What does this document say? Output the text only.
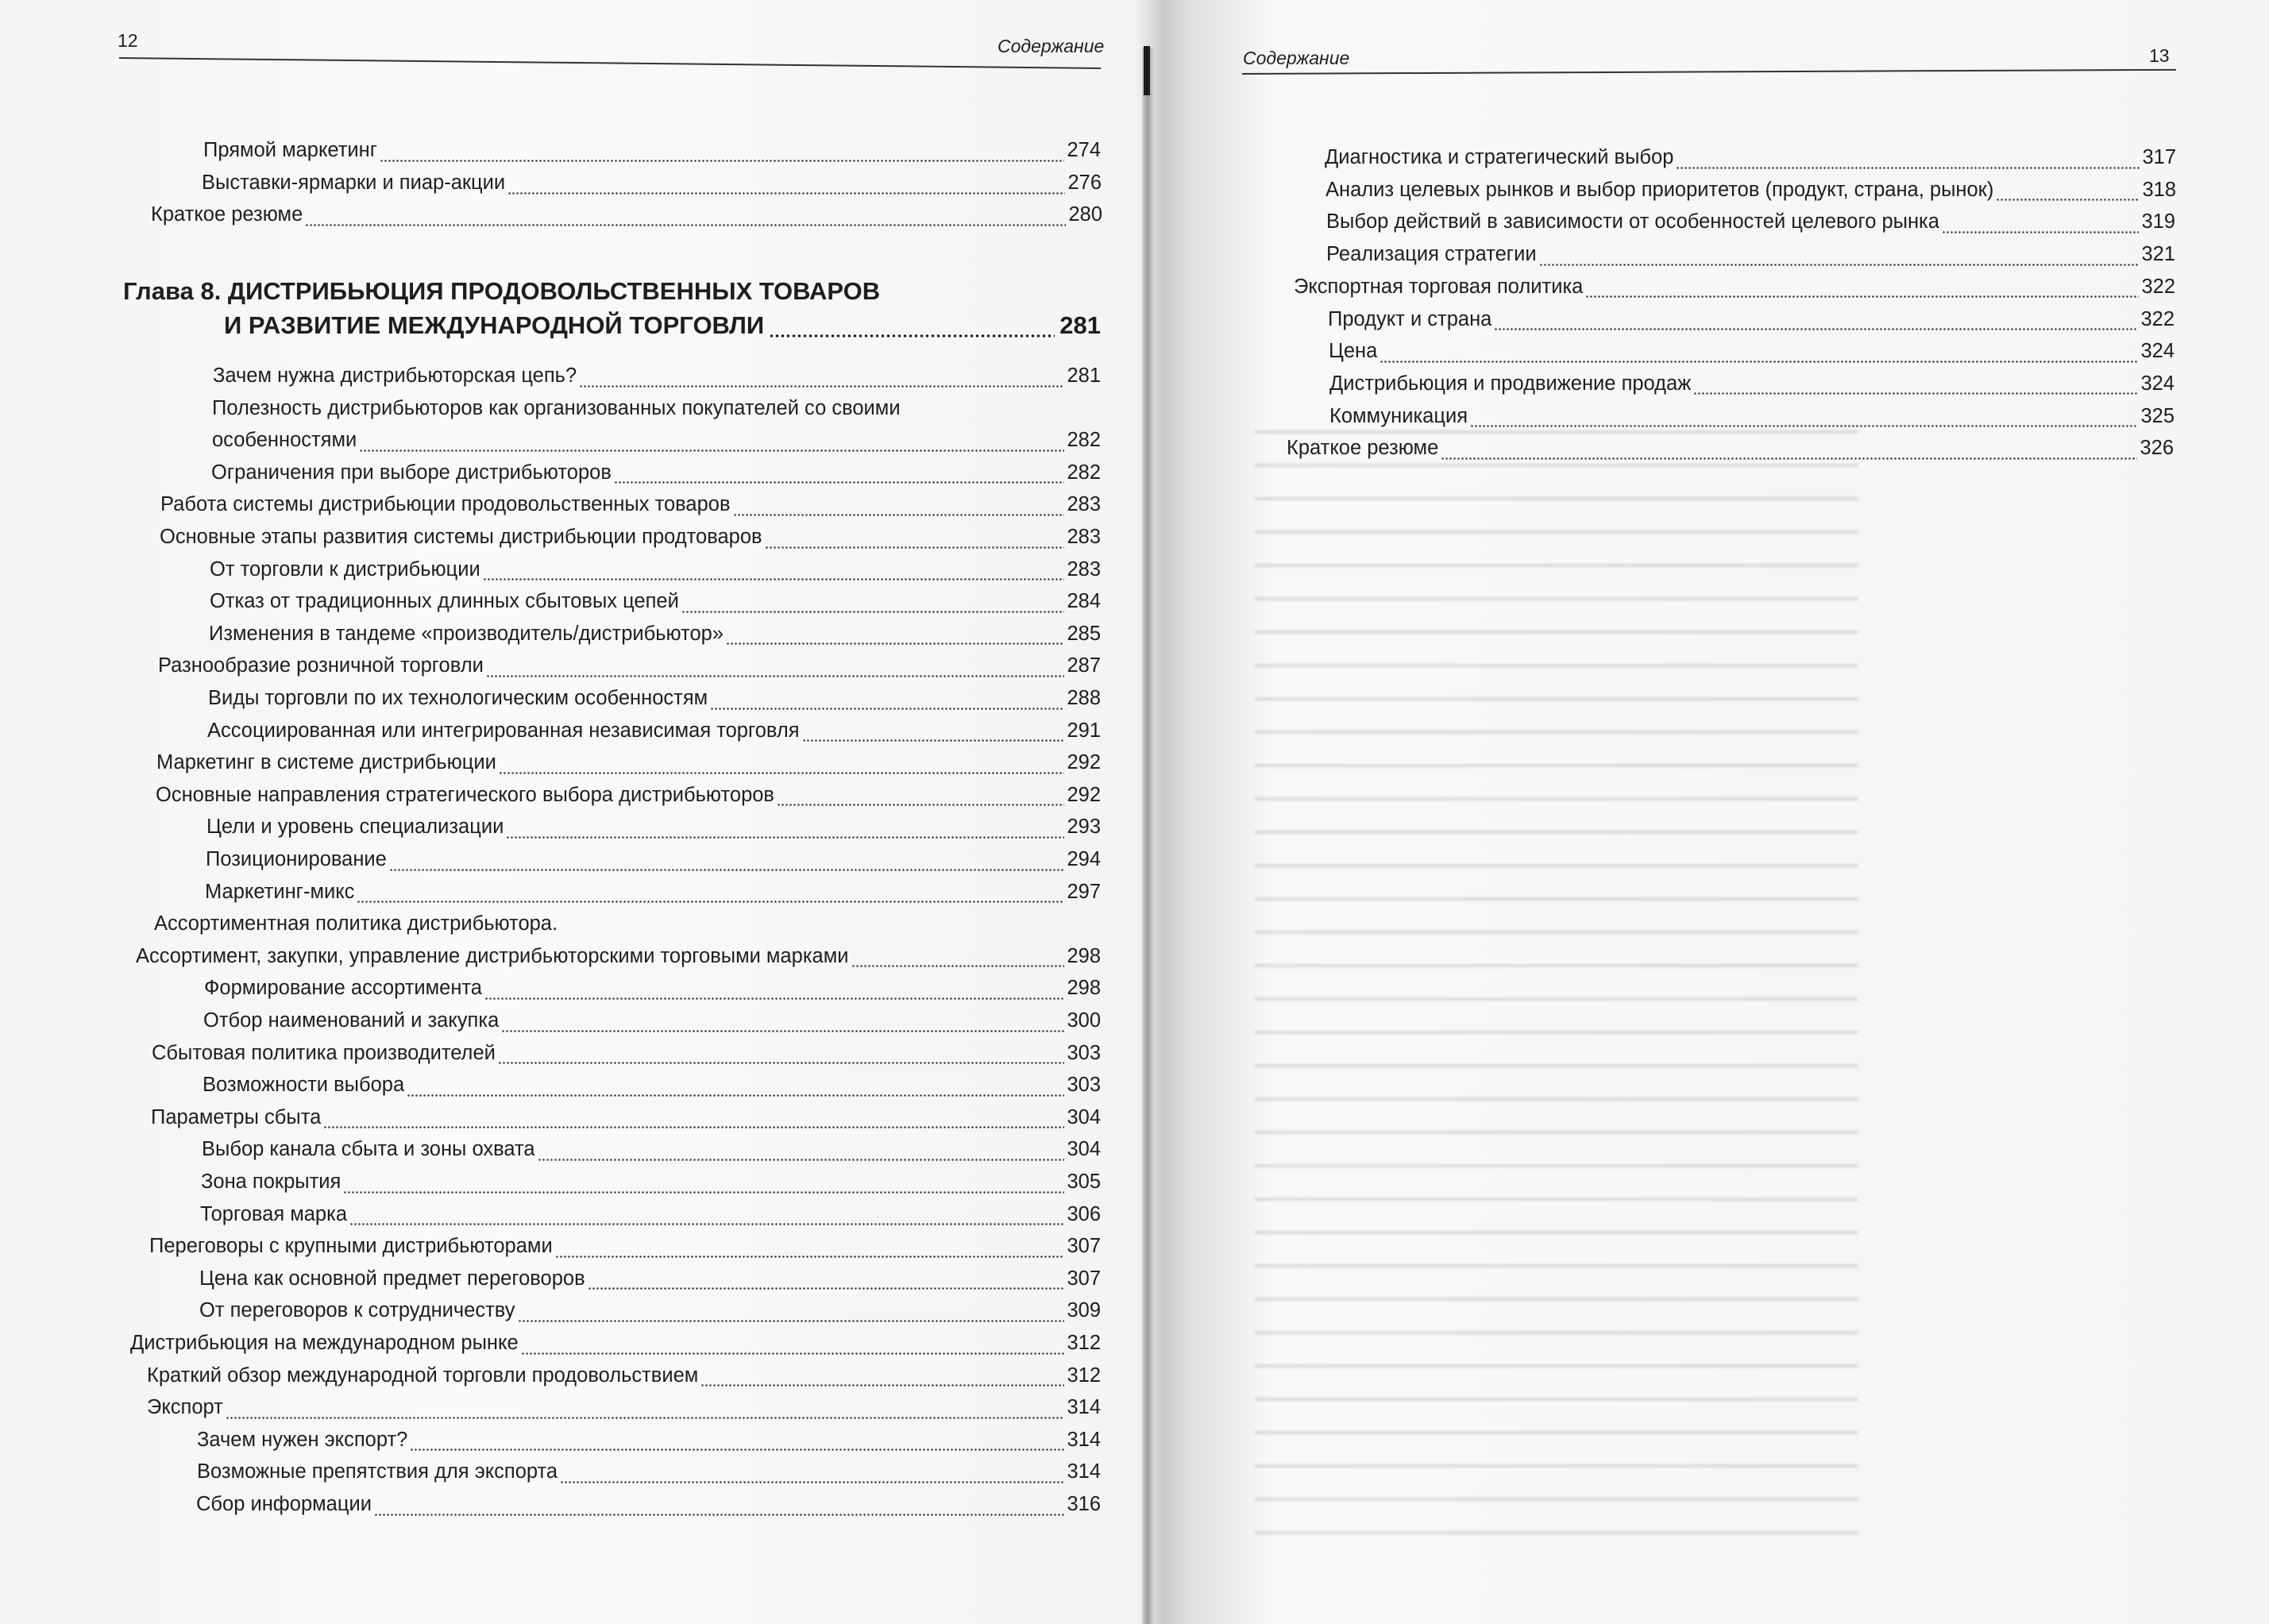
12	Содержание
Прямой маркетинг	274
Выставки-ярмарки и пиар-акции	276
Краткое резюме	280
Глава 8. ДИСТРИБЬЮЦИЯ ПРОДОВОЛЬСТВЕННЫХ ТОВАРОВ
И РАЗВИТИЕ МЕЖДУНАРОДНОЙ ТОРГОВЛИ	281
Зачем нужна дистрибьюторская цепь?	281
Полезность дистрибьюторов как организованных покупателей со своими
особенностями	282
Ограничения при выборе дистрибьюторов	282
Работа системы дистрибьюции продовольственных товаров	283
Основные этапы развития системы дистрибьюции продтоваров	283
От торговли к дистрибьюции	283
Отказ от традиционных длинных сбытовых цепей	284
Изменения в тандеме «производитель/дистрибьютор»	285
Разнообразие розничной торговли	287
Виды торговли по их технологическим особенностям	288
Ассоциированная или интегрированная независимая торговля	291
Маркетинг в системе дистрибьюции	292
Основные направления стратегического выбора дистрибьюторов	292
Цели и уровень специализации	293
Позиционирование	294
Маркетинг-микс	297
Ассортиментная политика дистрибьютора.
Ассортимент, закупки, управление дистрибьюторскими торговыми марками	298
Формирование ассортимента	298
Отбор наименований и закупка	300
Сбытовая политика производителей	303
Возможности выбора	303
Параметры сбыта	304
Выбор канала сбыта и зоны охвата	304
Зона покрытия	305
Торговая марка	306
Переговоры с крупными дистрибьюторами	307
Цена как основной предмет переговоров	307
От переговоров к сотрудничеству	309
Дистрибьюция на международном рынке	312
Краткий обзор международной торговли продовольствием	312
Экспорт	314
Зачем нужен экспорт?	314
Возможные препятствия для экспорта	314
Сбор информации	316
Содержание	13
Диагностика и стратегический выбор	317
Анализ целевых рынков и выбор приоритетов (продукт, страна, рынок)	318
Выбор действий в зависимости от особенностей целевого рынка	319
Реализация стратегии	321
Экспортная торговая политика	322
Продукт и страна	322
Цена	324
Дистрибьюция и продвижение продаж	324
Коммуникация	325
Краткое резюме	326
